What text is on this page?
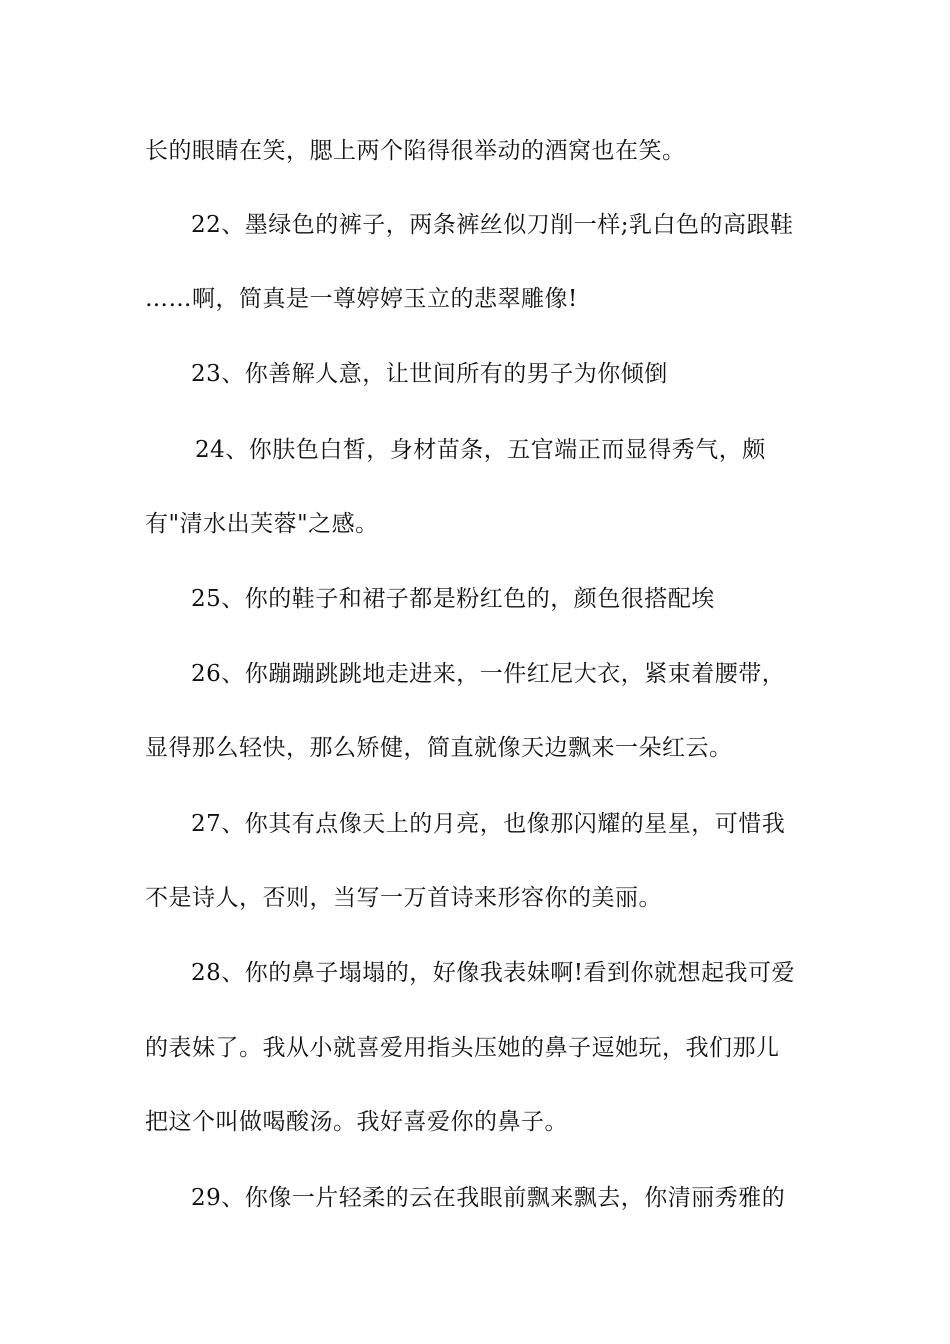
长的眼睛在笑，腮上两个陷得很举动的酒窝也在笑。
22、墨绿色的裤子，两条裤丝似刀削一样;乳白色的高跟鞋
……啊，简真是一尊婷婷玉立的悲翠雕像!
23、你善解人意，让世间所有的男子为你倾倒
24、你肤色白皙，身材苗条，五官端正而显得秀气，颇
有"清水出芙蓉"之感。
25、你的鞋子和裙子都是粉红色的，颜色很搭配埃
26、你蹦蹦跳跳地走进来，一件红尼大衣，紧束着腰带，
显得那么轻快，那么矫健，简直就像天边飘来一朵红云。
27、你其有点像天上的月亮，也像那闪耀的星星，可惜我
不是诗人，否则，当写一万首诗来形容你的美丽。
28、你的鼻子塌塌的，好像我表妹啊!看到你就想起我可爱
的表妹了。我从小就喜爱用指头压她的鼻子逗她玩，我们那儿
把这个叫做喝酸汤。我好喜爱你的鼻子。
29、你像一片轻柔的云在我眼前飘来飘去，你清丽秀雅的
